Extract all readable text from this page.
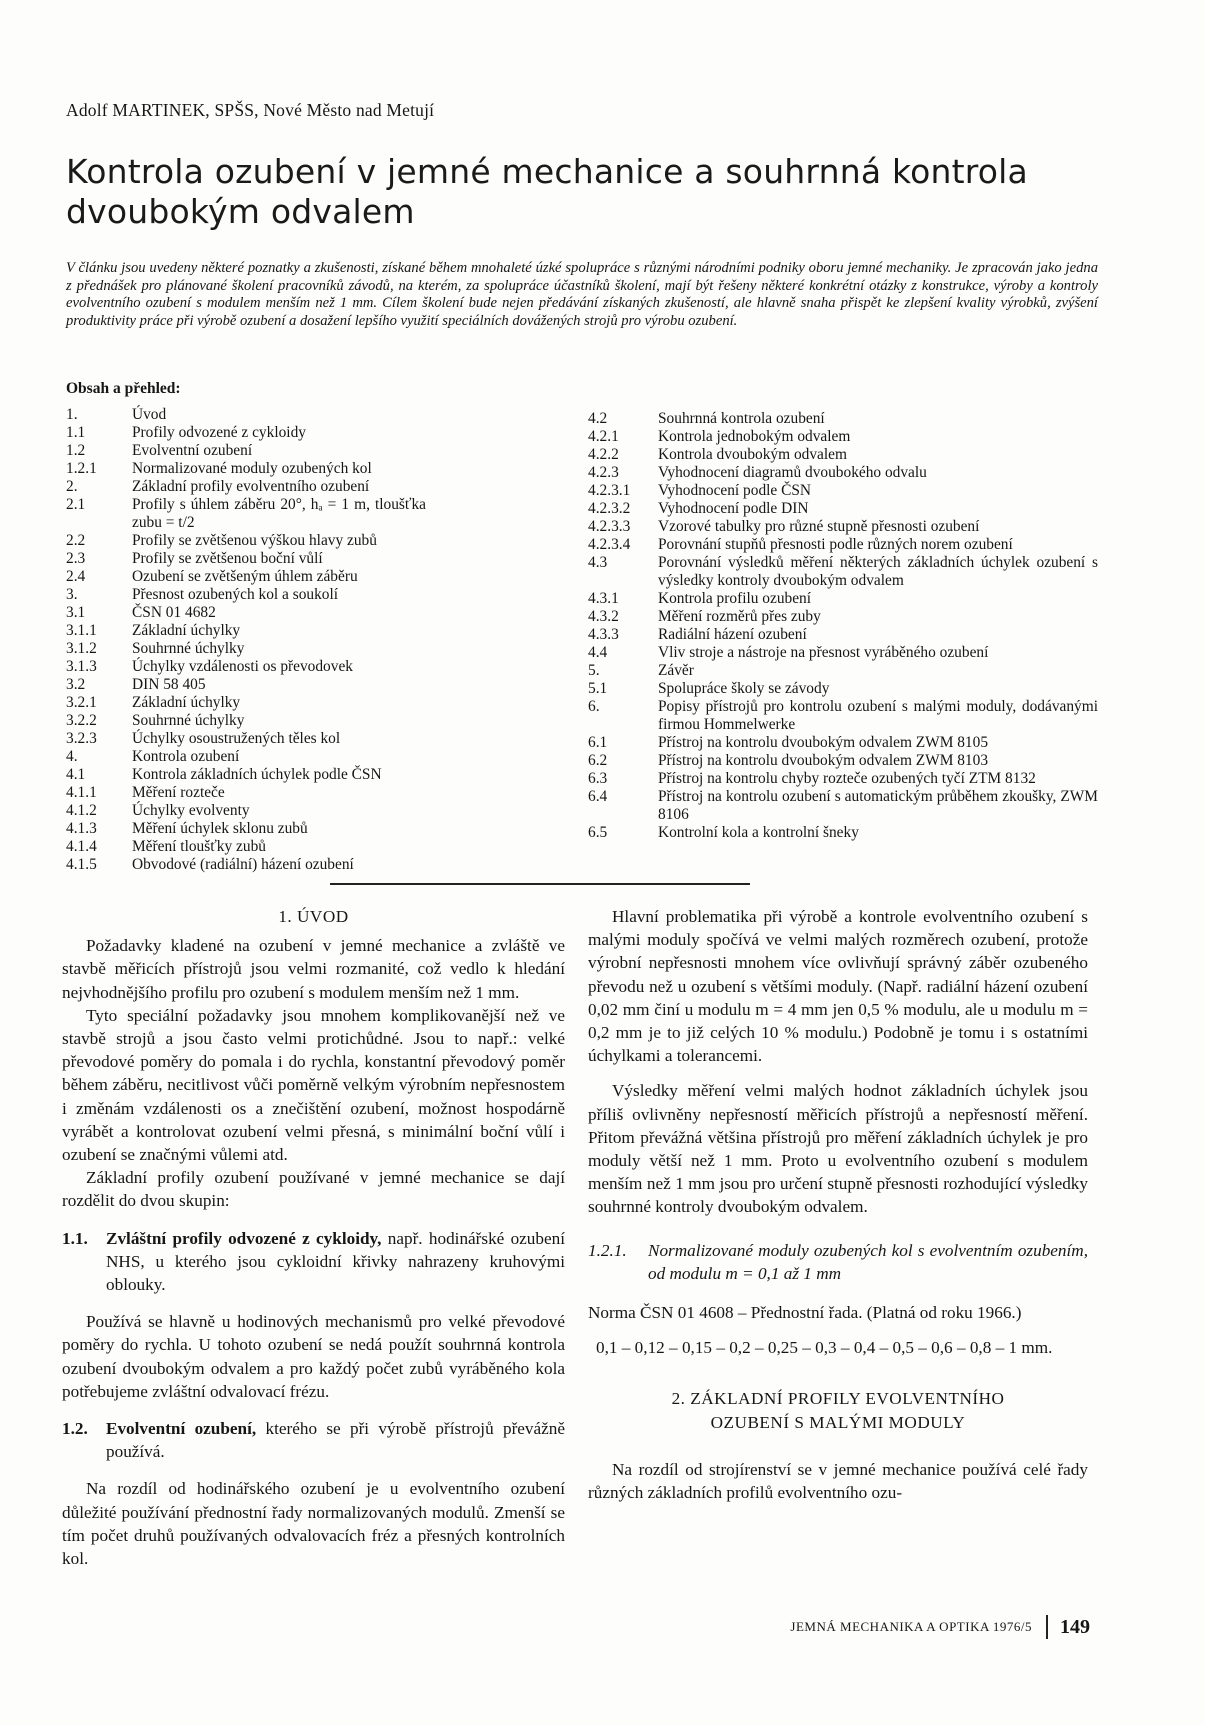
Adolf MARTINEK, SPŠS, Nové Město nad Metují
Kontrola ozubení v jemné mechanice a souhrnná kontrola
dvoubokým odvalem

V článku jsou uvedeny některé poznatky a zkušenosti, získané během mnohaleté úzké spolupráce s různými národními podniky oboru jemné mechaniky. Je zpracován jako jedna z přednášek pro plánované školení pracovníků závodů, na kterém, za spolupráce účastníků školení, mají být řešeny některé konkrétní otázky z konstrukce, výroby a kontroly evolventního ozubení s modulem menším než 1 mm. Cílem školení bude nejen předávání získaných zkušeností, ale hlavně snaha přispět ke zlepšení kvality výrobků, zvýšení produktivity práce při výrobě ozubení a dosažení lepšího využití speciálních dovážených strojů pro výrobu ozubení.

Obsah a přehled:
1.	Úvod
1.1	Profily odvozené z cykloidy
1.2	Evolventní ozubení
1.2.1	Normalizované moduly ozubených kol
2.	Základní profily evolventního ozubení
2.1	Profily s úhlem záběru 20°, hₐ = 1 m, tloušťka zubu = t/2
2.2	Profily se zvětšenou výškou hlavy zubů
2.3	Profily se zvětšenou boční vůlí
2.4	Ozubení se zvětšeným úhlem záběru
3.	Přesnost ozubených kol a soukolí
3.1	ČSN 01 4682
3.1.1	Základní úchylky
3.1.2	Souhrnné úchylky
3.1.3	Úchylky vzdálenosti os převodovek
3.2	DIN 58 405
3.2.1	Základní úchylky
3.2.2	Souhrnné úchylky
3.2.3	Úchylky osoustružených těles kol
4.	Kontrola ozubení
4.1	Kontrola základních úchylek podle ČSN
4.1.1	Měření rozteče
4.1.2	Úchylky evolventy
4.1.3	Měření úchylek sklonu zubů
4.1.4	Měření tloušťky zubů
4.1.5	Obvodové (radiální) házení ozubení
4.2	Souhrnná kontrola ozubení
4.2.1	Kontrola jednobokým odvalem
4.2.2	Kontrola dvoubokým odvalem
4.2.3	Vyhodnocení diagramů dvoubokého odvalu
4.2.3.1	Vyhodnocení podle ČSN
4.2.3.2	Vyhodnocení podle DIN
4.2.3.3	Vzorové tabulky pro různé stupně přesnosti ozubení
4.2.3.4	Porovnání stupňů přesnosti podle různých norem ozubení
4.3	Porovnání výsledků měření některých základních úchylek ozubení s výsledky kontroly dvoubokým odvalem
4.3.1	Kontrola profilu ozubení
4.3.2	Měření rozměrů přes zuby
4.3.3	Radiální házení ozubení
4.4	Vliv stroje a nástroje na přesnost vyráběného ozubení
5.	Závěr
5.1	Spolupráce školy se závody
6.	Popisy přístrojů pro kontrolu ozubení s malými moduly, dodávanými firmou Hommelwerke
6.1	Přístroj na kontrolu dvoubokým odvalem ZWM 8105
6.2	Přístroj na kontrolu dvoubokým odvalem ZWM 8103
6.3	Přístroj na kontrolu chyby rozteče ozubených tyčí ZTM 8132
6.4	Přístroj na kontrolu ozubení s automatickým průběhem zkoušky, ZWM 8106
6.5	Kontrolní kola a kontrolní šneky
1. ÚVOD

Požadavky kladené na ozubení v jemné mechanice a zvláště ve stavbě měřicích přístrojů jsou velmi rozmanité, což vedlo k hledání nejvhodnějšího profilu pro ozubení s modulem menším než 1 mm.

Tyto speciální požadavky jsou mnohem komplikovanější než ve stavbě strojů a jsou často velmi protichůdné. Jsou to např.: velké převodové poměry do pomala i do rychla, konstantní převodový poměr během záběru, necitlivost vůči poměrně velkým výrobním nepřesnostem i změnám vzdálenosti os a znečištění ozubení, možnost hospodárně vyrábět a kontrolovat ozubení velmi přesná, s minimální boční vůlí i ozubení se značnými vůlemi atd.

Základní profily ozubení používané v jemné mechanice se dají rozdělit do dvou skupin:

1.1.	Zvláštní profily odvozené z cykloidy, např. hodinářské ozubení NHS, u kterého jsou cykloidní křivky nahrazeny kruhovými oblouky.

Používá se hlavně u hodinových mechanismů pro velké převodové poměry do rychla. U tohoto ozubení se nedá použít souhrnná kontrola ozubení dvoubokým odvalem a pro každý počet zubů vyráběného kola potřebujeme zvláštní odvalovací frézu.

1.2.	Evolventní ozubení, kterého se při výrobě přístrojů převážně používá.

Na rozdíl od hodinářského ozubení je u evolventního ozubení důležité používání přednostní řady normalizovaných modulů. Zmenší se tím počet druhů používaných odvalovacích fréz a přesných kontrolních kol.

Hlavní problematika při výrobě a kontrole evolventního ozubení s malými moduly spočívá ve velmi malých rozměrech ozubení, protože výrobní nepřesnosti mnohem více ovlivňují správný záběr ozubeného převodu než u ozubení s většími moduly. (Např. radiální házení ozubení 0,02 mm činí u modulu m = 4 mm jen 0,5 % modulu, ale u modulu m = 0,2 mm je to již celých 10 % modulu.) Podobně je tomu i s ostatními úchylkami a tolerancemi.

Výsledky měření velmi malých hodnot základních úchylek jsou příliš ovlivněny nepřesností měřicích přístrojů a nepřesností měření. Přitom převážná většina přístrojů pro měření základních úchylek je pro moduly větší než 1 mm. Proto u evolventního ozubení s modulem menším než 1 mm jsou pro určení stupně přesnosti rozhodující výsledky souhrnné kontroly dvoubokým odvalem.

1.2.1.	Normalizované moduly ozubených kol s evolventním ozubením, od modulu m = 0,1 až 1 mm

Norma ČSN 01 4608 – Přednostní řada. (Platná od roku 1966.)

0,1 – 0,12 – 0,15 – 0,2 – 0,25 – 0,3 – 0,4 – 0,5 – 0,6 – 0,8 – 1 mm.

2. ZÁKLADNÍ PROFILY EVOLVENTNÍHO
OZUBENÍ S MALÝMI MODULY

Na rozdíl od strojírenství se v jemné mechanice používá celé řady různých základních profilů evolventního ozu-

JEMNÁ MECHANIKA A OPTIKA 1976/5 149
